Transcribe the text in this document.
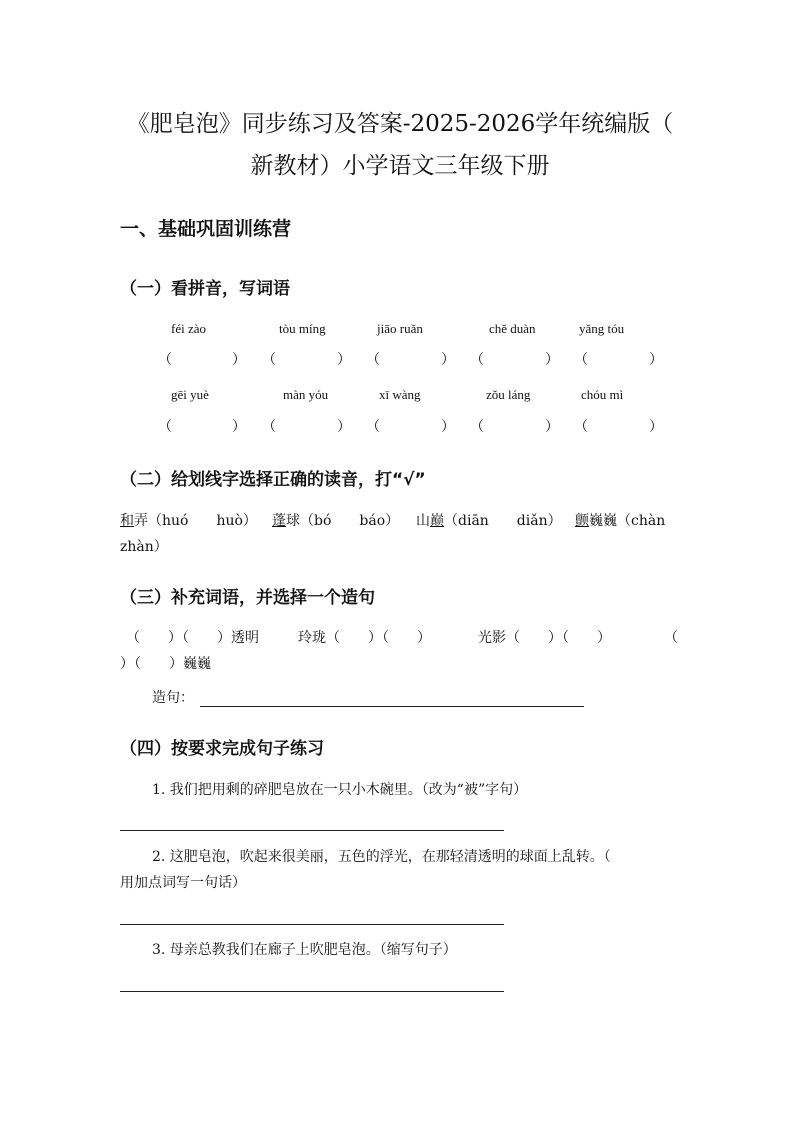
《肥皂泡》同步练习及答案-2025-2026学年统编版（
新教材）小学语文三年级下册
一、基础巩固训练营
（一）看拼音，写词语
féi zào	tòu míng	jiāo ruǎn	chě duàn	yǎng tóu
（	） （	） （	） （	） （	）
gēi yuè	màn yóu	xī wàng	zǒu láng	chóu mì
（	） （	） （	） （	） （	）
（二）给划线字选择正确的读音，打“√”
和弄（huó　　huò） 蓬球（bó　　báo） 山巅（diān　　diǎn） 颤巍巍（chàn
zhàn）
（三）补充词语，并选择一个造句
（　　）（　　）透明	玲珑（　　）（　　）	光影（　　）（　　）	（
）（　　）巍巍
造句：
（四）按要求完成句子练习
1. 我们把用剩的碎肥皂放在一只小木碗里。（改为“被”字句）
2. 这肥皂泡，吹起来很美丽，五色的浮光，在那轻清透明的球面上乱转。（
用加点词写一句话）
3. 母亲总教我们在廊子上吹肥皂泡。（缩写句子）
